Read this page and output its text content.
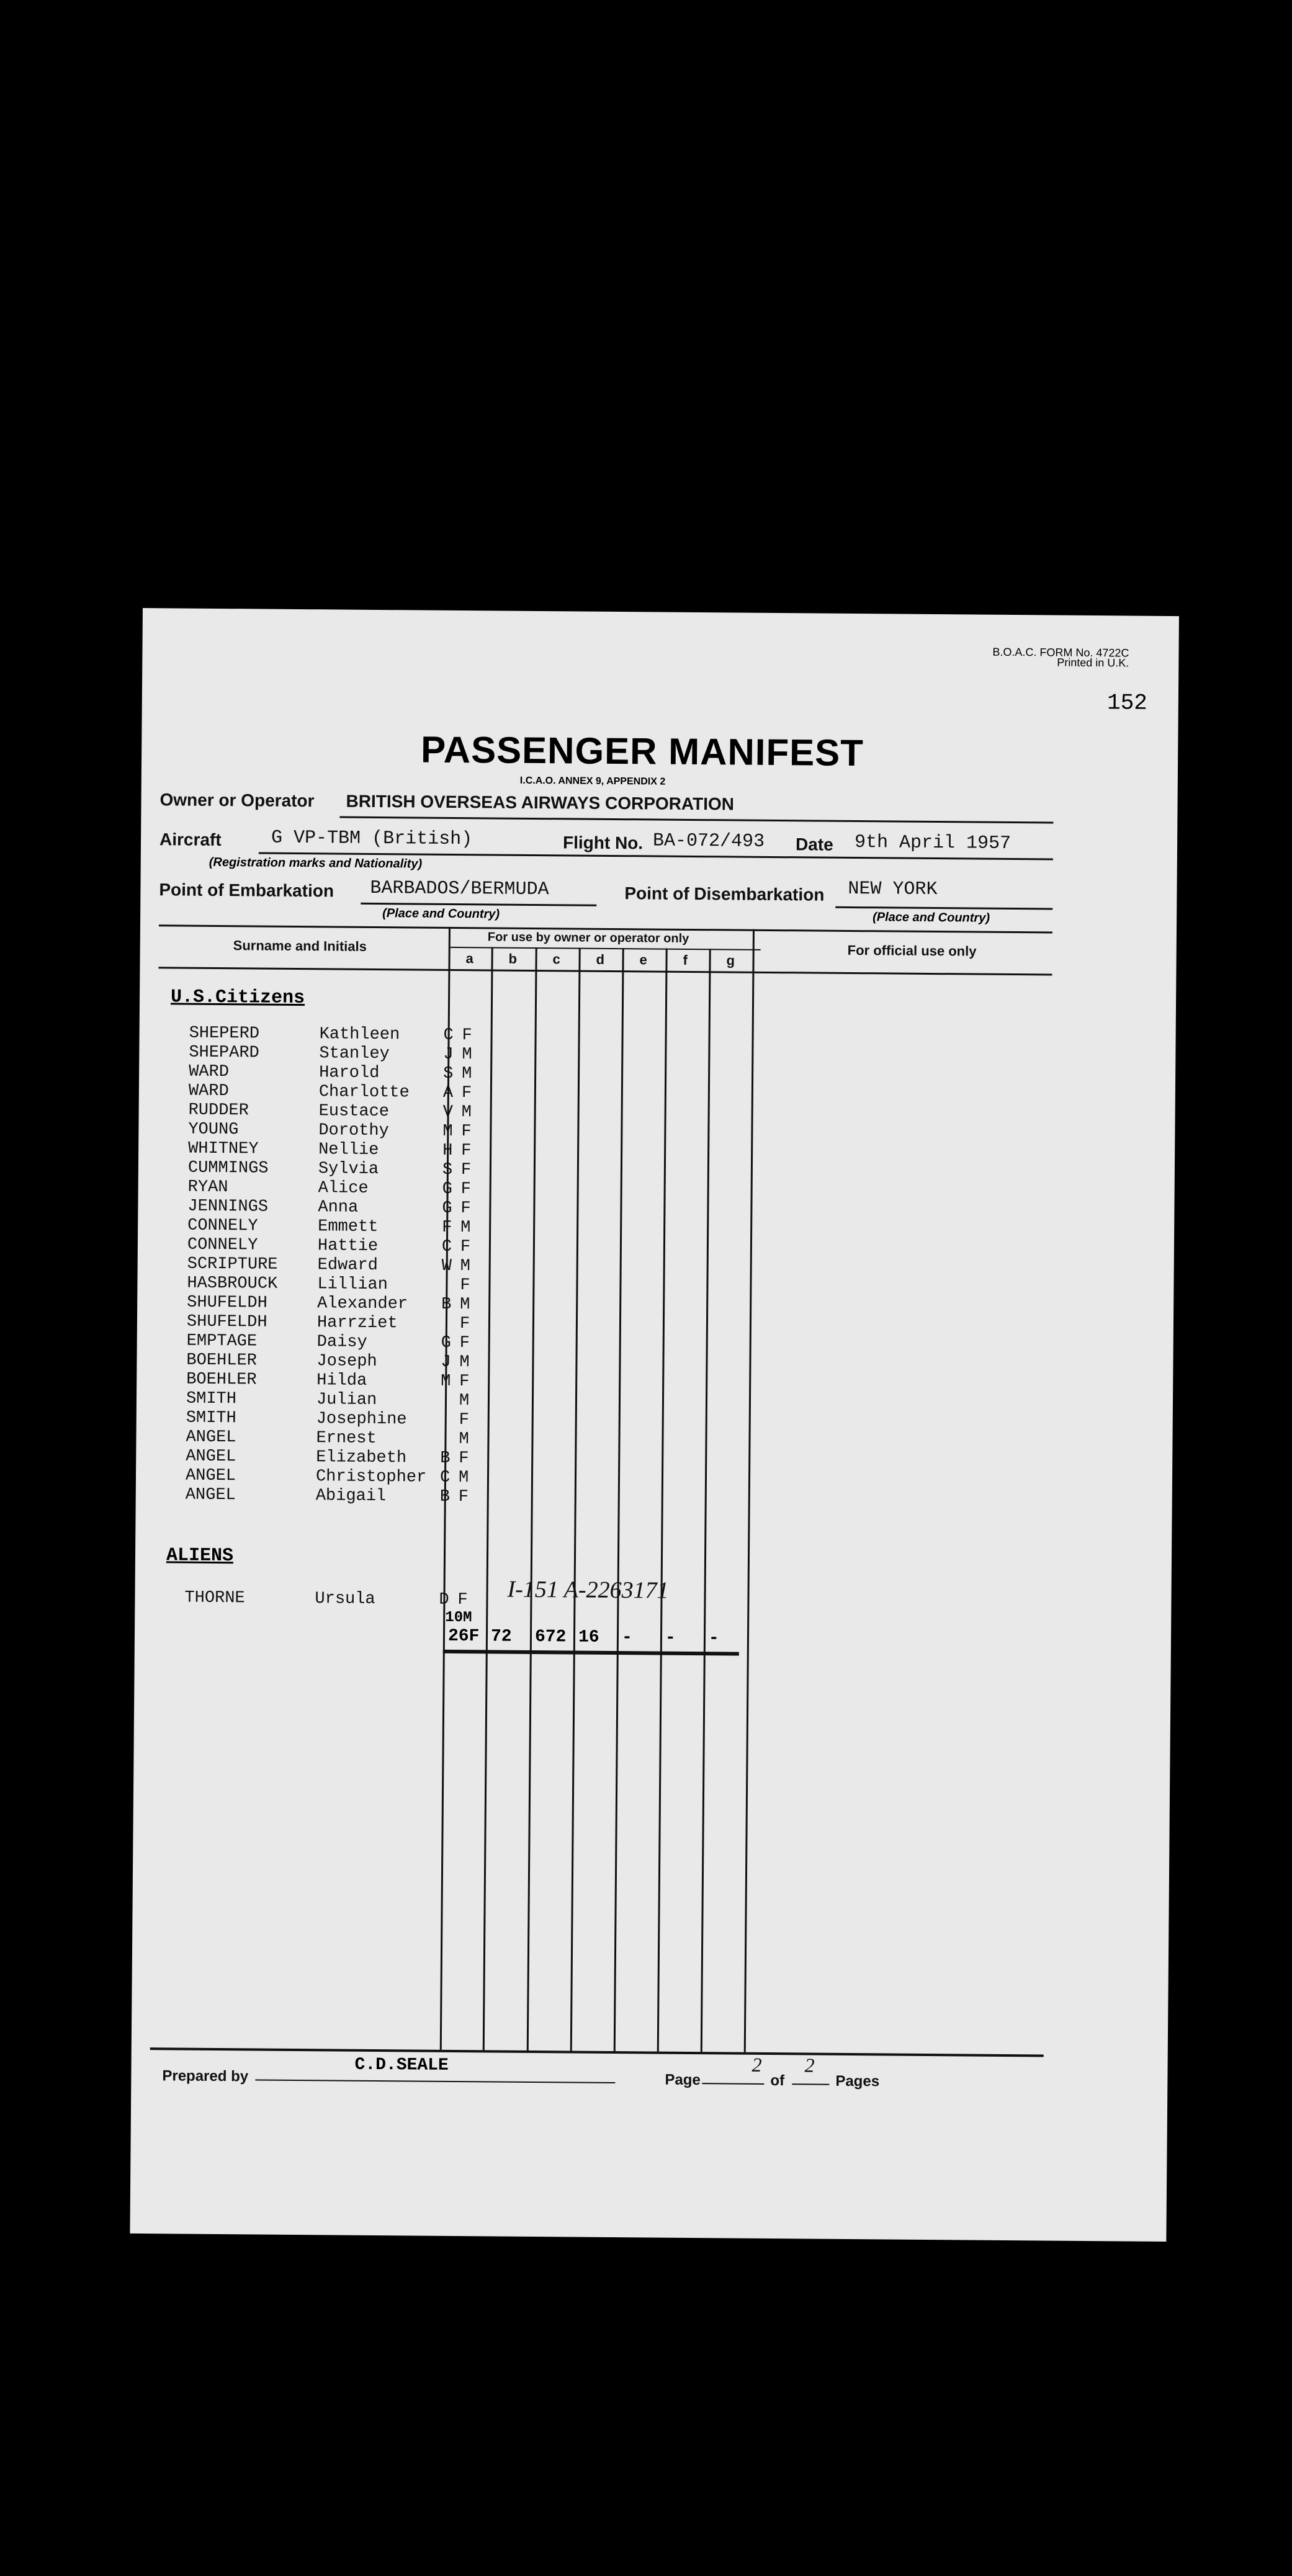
B.O.A.C. FORM No. 4722C
Printed in U.K.
152
PASSENGER MANIFEST
I.C.A.O. ANNEX 9, APPENDIX 2
Owner or Operator BRITISH OVERSEAS AIRWAYS CORPORATION
Aircraft	G VP-TBM (British)	Flight No. BA-072/493 Date 9th April 1957
(Registration marks and Nationality)
Point of Embarkation BARBADOS/BERMUDA	Point of Disembarkation NEW YORK
(Place and Country)	(Place and Country)
Surname and Initials	For use by owner or operator only
For official use only
a	b	c	d	e	f	g
U.S.Citizens
SHEPERD	Kathleen	C F
SHEPARD	Stanley	J M
WARD	Harold	S M
WARD	Charlotte A F
RUDDER	Eustace	V M
YOUNG	Dorothy	M F
WHITNEY	Nellie	H F
CUMMINGS	Sylvia	S F
RYAN	Alice	G F
JENNINGS	Anna	G F
CONNELY	Emmett	F M
CONNELY	Hattie	C F
SCRIPTURE Edward	W M
HASBROUCK Lillian	F
SHUFELDH	Alexander B M
SHUFELDH	Harrziet	F
EMPTAGE	Daisy	G F
BOEHLER	Joseph	J M
BOEHLER	Hilda	M F
SMITH	Julian	M
SMITH	Josephine	F
ANGEL	Ernest	M
ANGEL	Elizabeth B F
ANGEL	Christopher C M
ANGEL	Abigail	B F
ALIENS
THORNE	Ursula	D F I-151 A-2263171
10M
26F 72 672 16 - - -
Prepared by
C.D.SEALE
Page
2
of
2
Pages
